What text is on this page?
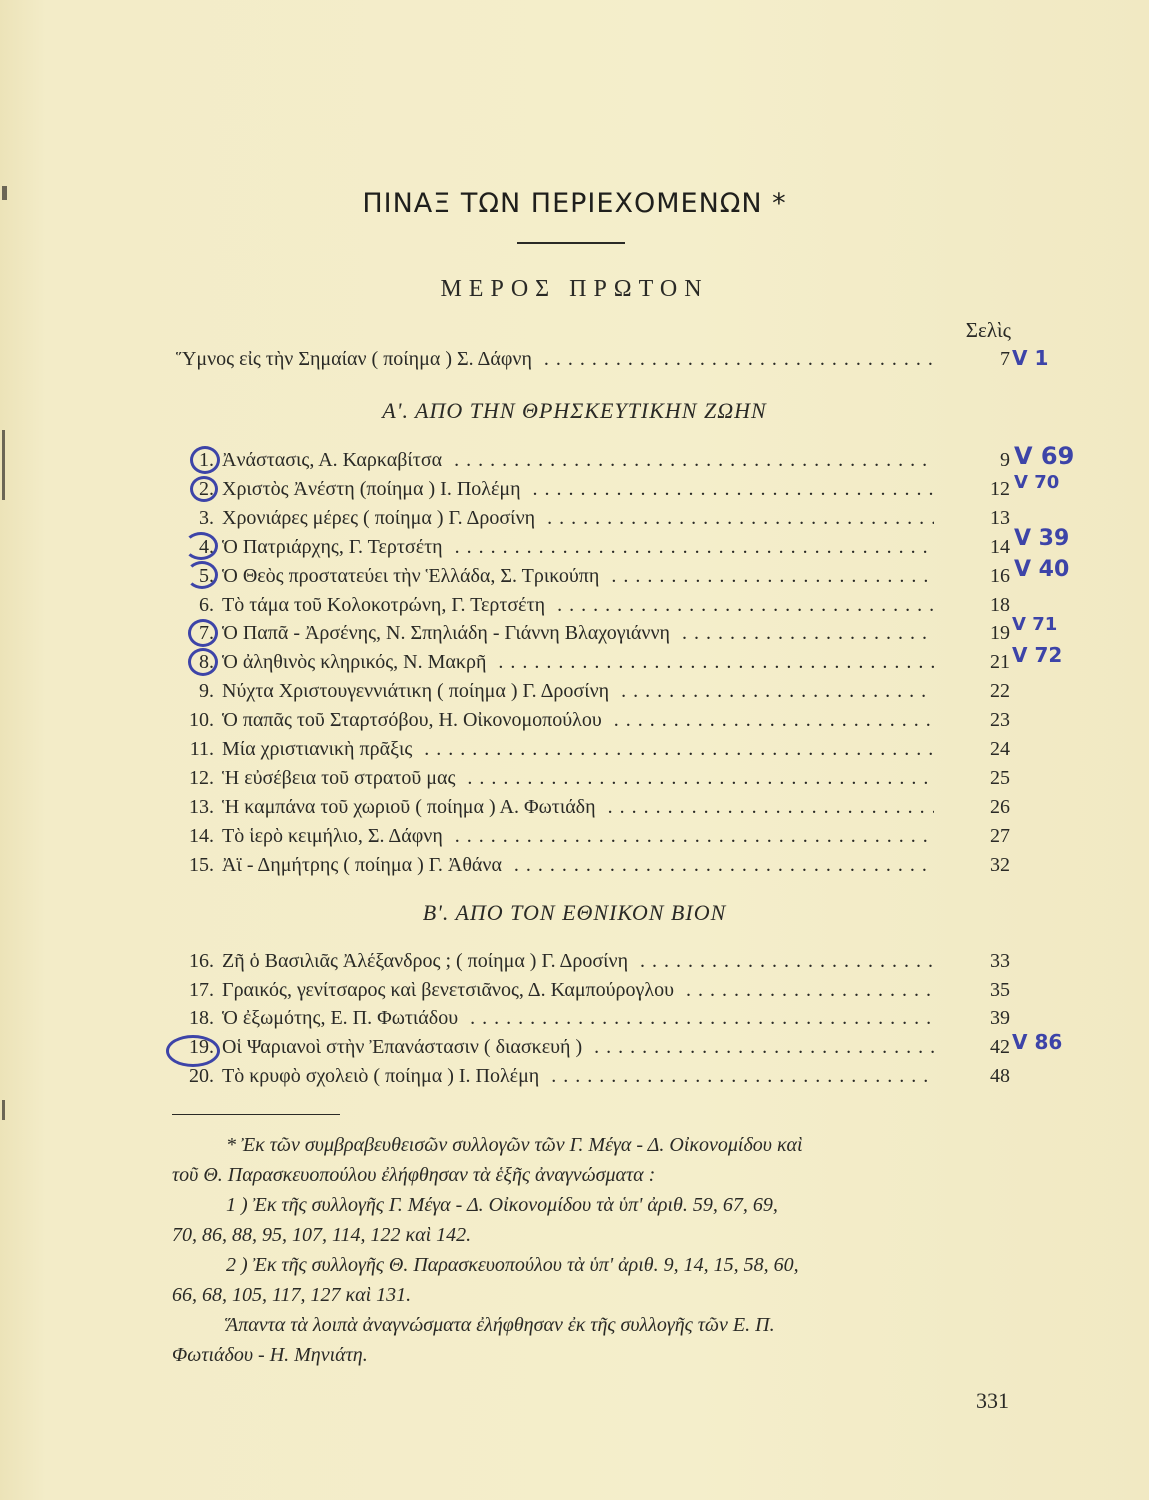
ΠΙΝΑΞ ΤΩΝ ΠΕΡΙΕΧΟΜΕΝΩΝ *
ΜΕΡΟΣ ΠΡΩΤΟΝ
Σελὶς
Ὕμνος εἰς τὴν Σημαίαν ( ποίημα ) Σ. Δάφνη . . .	7
Α'. ΑΠΟ ΤΗΝ ΘΡΗΣΚΕΥΤΙΚΗΝ ΖΩΗΝ
1. Ἀνάστασις, Α. Καρκαβίτσα . . .	9
2. Χριστὸς Ἀνέστη (ποίημα ) Ι. Πολέμη . . .	12
3. Χρονιάρες μέρες ( ποίημα ) Γ. Δροσίνη . . .	13
4. Ὁ Πατριάρχης, Γ. Τερτσέτη . . .	14
5. Ὁ Θεὸς προστατεύει τὴν Ἑλλάδα, Σ. Τρικούπη . . .	16
6. Τὸ τάμα τοῦ Κολοκοτρώνη, Γ. Τερτσέτη . . .	18
7. Ὁ Παπᾶ - Ἀρσένης, Ν. Σπηλιάδη - Γιάννη Βλαχογιάννη . . .	19
8. Ὁ ἀληθινὸς κληρικός, Ν. Μακρῆ . . .	21
9. Νύχτα Χριστουγεννιάτικη ( ποίημα ) Γ. Δροσίνη . . .	22
10. Ὁ παπᾶς τοῦ Σταρτσόβου, Η. Οἰκονομοπούλου . . .	23
11. Μία χριστιανικὴ πρᾶξις . . .	24
12. Ἡ εὐσέβεια τοῦ στρατοῦ μας . . .	25
13. Ἡ καμπάνα τοῦ χωριοῦ ( ποίημα ) Α. Φωτιάδη . . .	26
14. Τὸ ἱερὸ κειμήλιο, Σ. Δάφνη . . .	27
15. Ἀϊ - Δημήτρης ( ποίημα ) Γ. Ἀθάνα . . .	32
Β'. ΑΠΟ ΤΟΝ ΕΘΝΙΚΟΝ ΒΙΟΝ
16. Ζῆ ὁ Βασιλιᾶς Ἀλέξανδρος ; ( ποίημα ) Γ. Δροσίνη . . .	33
17. Γραικός, γενίτσαρος καὶ βενετσιᾶνος, Δ. Καμπούρογλου . . .	35
18. Ὁ ἐξωμότης, Ε. Π. Φωτιάδου . . .	39
19. Οἱ Ψαριανοὶ στὴν Ἐπανάστασιν ( διασκευή ) . . .	42
20. Τὸ κρυφὸ σχολειὸ ( ποίημα ) Ι. Πολέμη . . .	48
V 1
V 69
V 70
V 39
V 40
V 71
V 72
V 86
* Ἐκ τῶν συμβραβευθεισῶν συλλογῶν τῶν Γ. Μέγα - Δ. Οἰκονομίδου καὶ
τοῦ Θ. Παρασκευοπούλου ἐλήφθησαν τὰ ἑξῆς ἀναγνώσματα :
1 ) Ἐκ τῆς συλλογῆς Γ. Μέγα - Δ. Οἰκονομίδου τὰ ὑπ' ἀριθ. 59, 67, 69,
70, 86, 88, 95, 107, 114, 122 καὶ 142.
2 ) Ἐκ τῆς συλλογῆς Θ. Παρασκευοπούλου τὰ ὑπ' ἀριθ. 9, 14, 15, 58, 60,
66, 68, 105, 117, 127 καὶ 131.
Ἅπαντα τὰ λοιπὰ ἀναγνώσματα ἐλήφθησαν ἐκ τῆς συλλογῆς τῶν Ε. Π.
Φωτιάδου - Η. Μηνιάτη.
331
